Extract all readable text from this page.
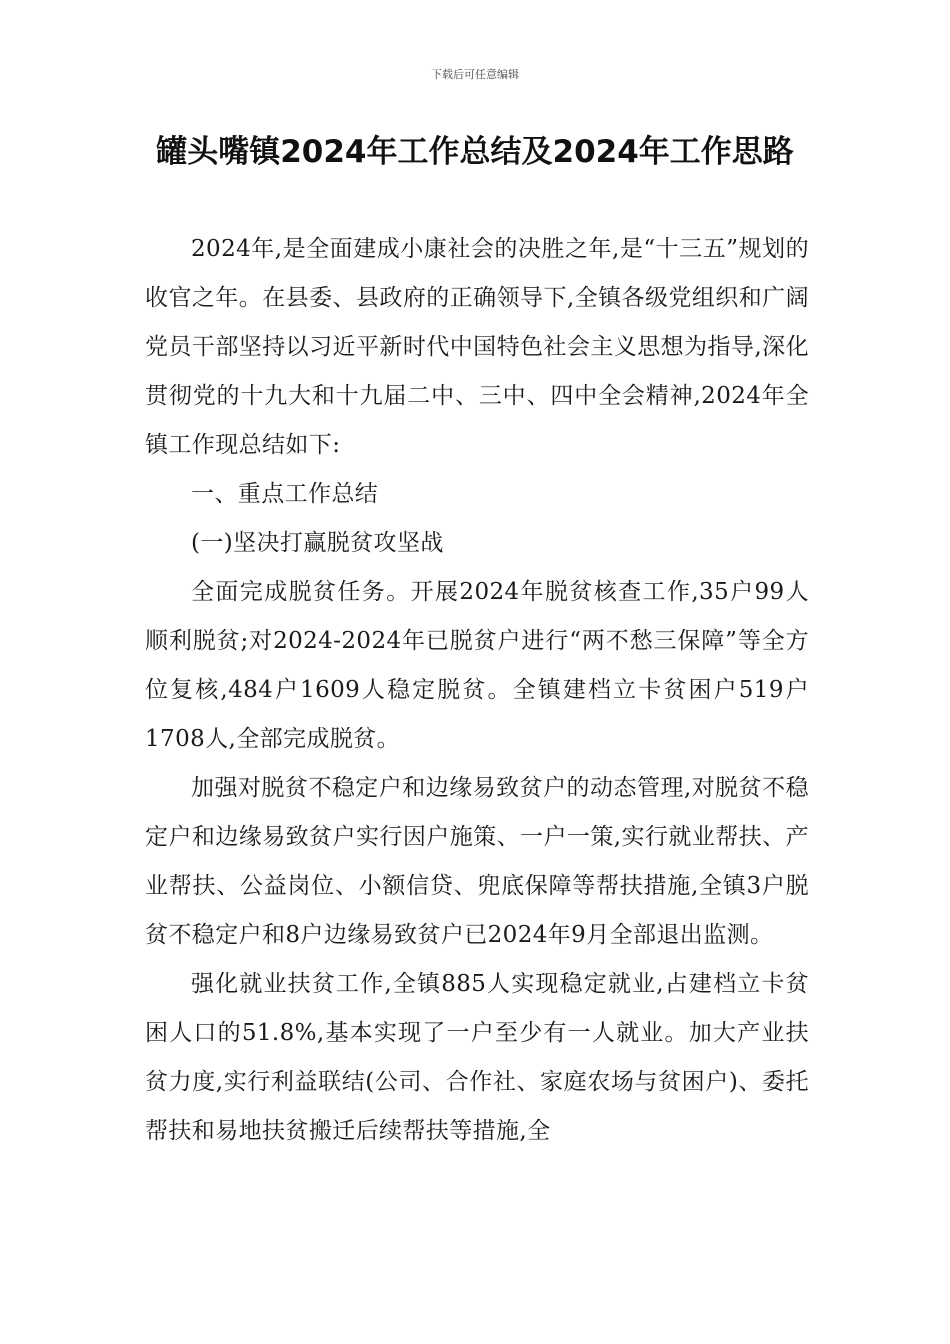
下载后可任意编辑
罐头嘴镇2024年工作总结及2024年工作思路

2024年,是全面建成小康社会的决胜之年,是“十三五”规划的收官之年。在县委、县政府的正确领导下,全镇各级党组织和广阔党员干部坚持以习近平新时代中国特色社会主义思想为指导,深化贯彻党的十九大和十九届二中、三中、四中全会精神,2024年全镇工作现总结如下:

一、重点工作总结

(一)坚决打赢脱贫攻坚战

全面完成脱贫任务。开展2024年脱贫核查工作,35户99人顺利脱贫;对2024-2024年已脱贫户进行“两不愁三保障”等全方位复核,484户1609人稳定脱贫。全镇建档立卡贫困户519户1708人,全部完成脱贫。

加强对脱贫不稳定户和边缘易致贫户的动态管理,对脱贫不稳定户和边缘易致贫户实行因户施策、一户一策,实行就业帮扶、产业帮扶、公益岗位、小额信贷、兜底保障等帮扶措施,全镇3户脱贫不稳定户和8户边缘易致贫户已2024年9月全部退出监测。

强化就业扶贫工作,全镇885人实现稳定就业,占建档立卡贫困人口的51.8%,基本实现了一户至少有一人就业。加大产业扶贫力度,实行利益联结(公司、合作社、家庭农场与贫困户)、委托帮扶和易地扶贫搬迁后续帮扶等措施,全
